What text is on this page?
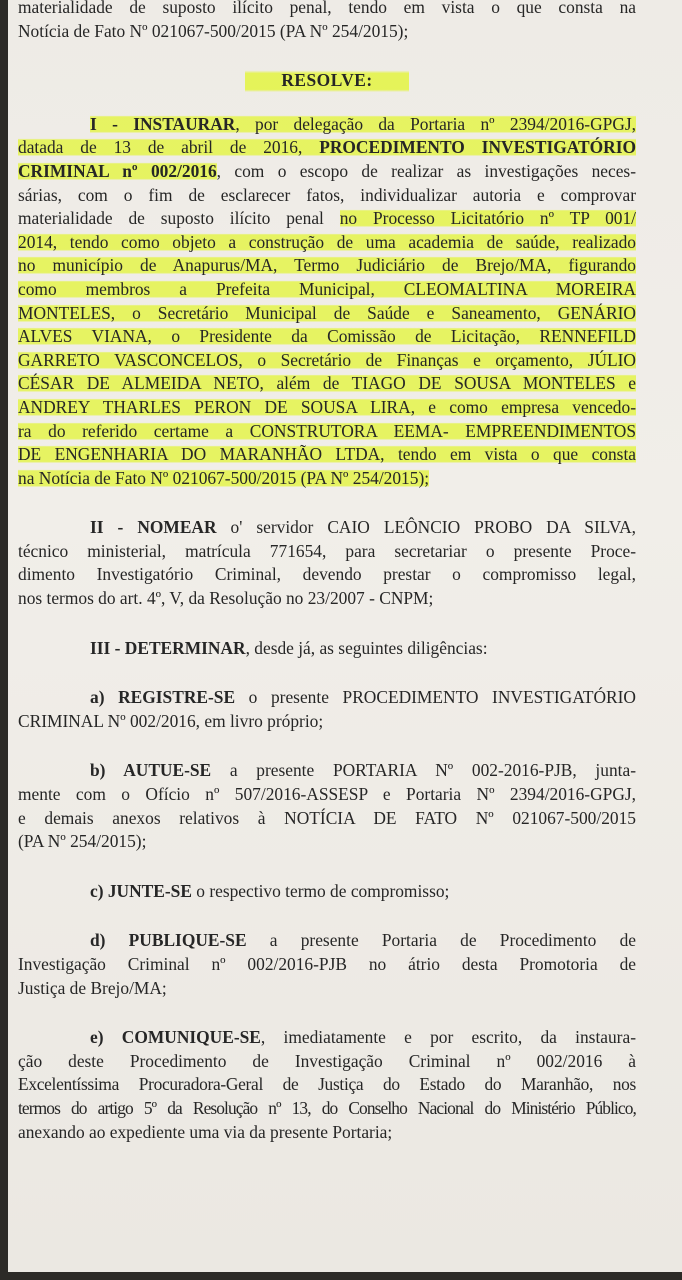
materialidade de suposto ilícito penal, tendo em vista o que consta na
Notícia de Fato Nº 021067-500/2015 (PA Nº 254/2015);
RESOLVE:
I - INSTAURAR, por delegação da Portaria nº 2394/2016-GPGJ,
datada de 13 de abril de 2016, PROCEDIMENTO INVESTIGATÓRIO
CRIMINAL nº 002/2016, com o escopo de realizar as investigações neces-
sárias, com o fim de esclarecer fatos, individualizar autoria e comprovar
materialidade de suposto ilícito penal no Processo Licitatório nº TP 001/
2014, tendo como objeto a construção de uma academia de saúde, realizado
no município de Anapurus/MA, Termo Judiciário de Brejo/MA, figurando
como membros a Prefeita Municipal, CLEOMALTINA MOREIRA
MONTELES, o Secretário Municipal de Saúde e Saneamento, GENÁRIO
ALVES VIANA, o Presidente da Comissão de Licitação, RENNEFILD
GARRETO VASCONCELOS, o Secretário de Finanças e orçamento, JÚLIO
CÉSAR DE ALMEIDA NETO, além de TIAGO DE SOUSA MONTELES e
ANDREY THARLES PERON DE SOUSA LIRA, e como empresa vencedo-
ra do referido certame a CONSTRUTORA EEMA- EMPREENDIMENTOS
DE ENGENHARIA DO MARANHÃO LTDA, tendo em vista o que consta
na Notícia de Fato Nº 021067-500/2015 (PA Nº 254/2015);
II - NOMEAR o' servidor CAIO LEÔNCIO PROBO DA SILVA,
técnico ministerial, matrícula 771654, para secretariar o presente Proce-
dimento Investigatório Criminal, devendo prestar o compromisso legal,
nos termos do art. 4º, V, da Resolução no 23/2007 - CNPM;
III - DETERMINAR, desde já, as seguintes diligências:
a) REGISTRE-SE o presente PROCEDIMENTO INVESTIGATÓRIO
CRIMINAL Nº 002/2016, em livro próprio;
b) AUTUE-SE a presente PORTARIA Nº 002-2016-PJB, junta-
mente com o Ofício nº 507/2016-ASSESP e Portaria Nº 2394/2016-GPGJ,
e demais anexos relativos à NOTÍCIA DE FATO Nº 021067-500/2015
(PA Nº 254/2015);
c) JUNTE-SE o respectivo termo de compromisso;
d) PUBLIQUE-SE a presente Portaria de Procedimento de
Investigação Criminal nº 002/2016-PJB no átrio desta Promotoria de
Justiça de Brejo/MA;
e) COMUNIQUE-SE, imediatamente e por escrito, da instaura-
ção deste Procedimento de Investigação Criminal nº 002/2016 à
Excelentíssima Procuradora-Geral de Justiça do Estado do Maranhão, nos
termos do artigo 5º da Resolução nº 13, do Conselho Nacional do Ministério Público,
anexando ao expediente uma via da presente Portaria;
